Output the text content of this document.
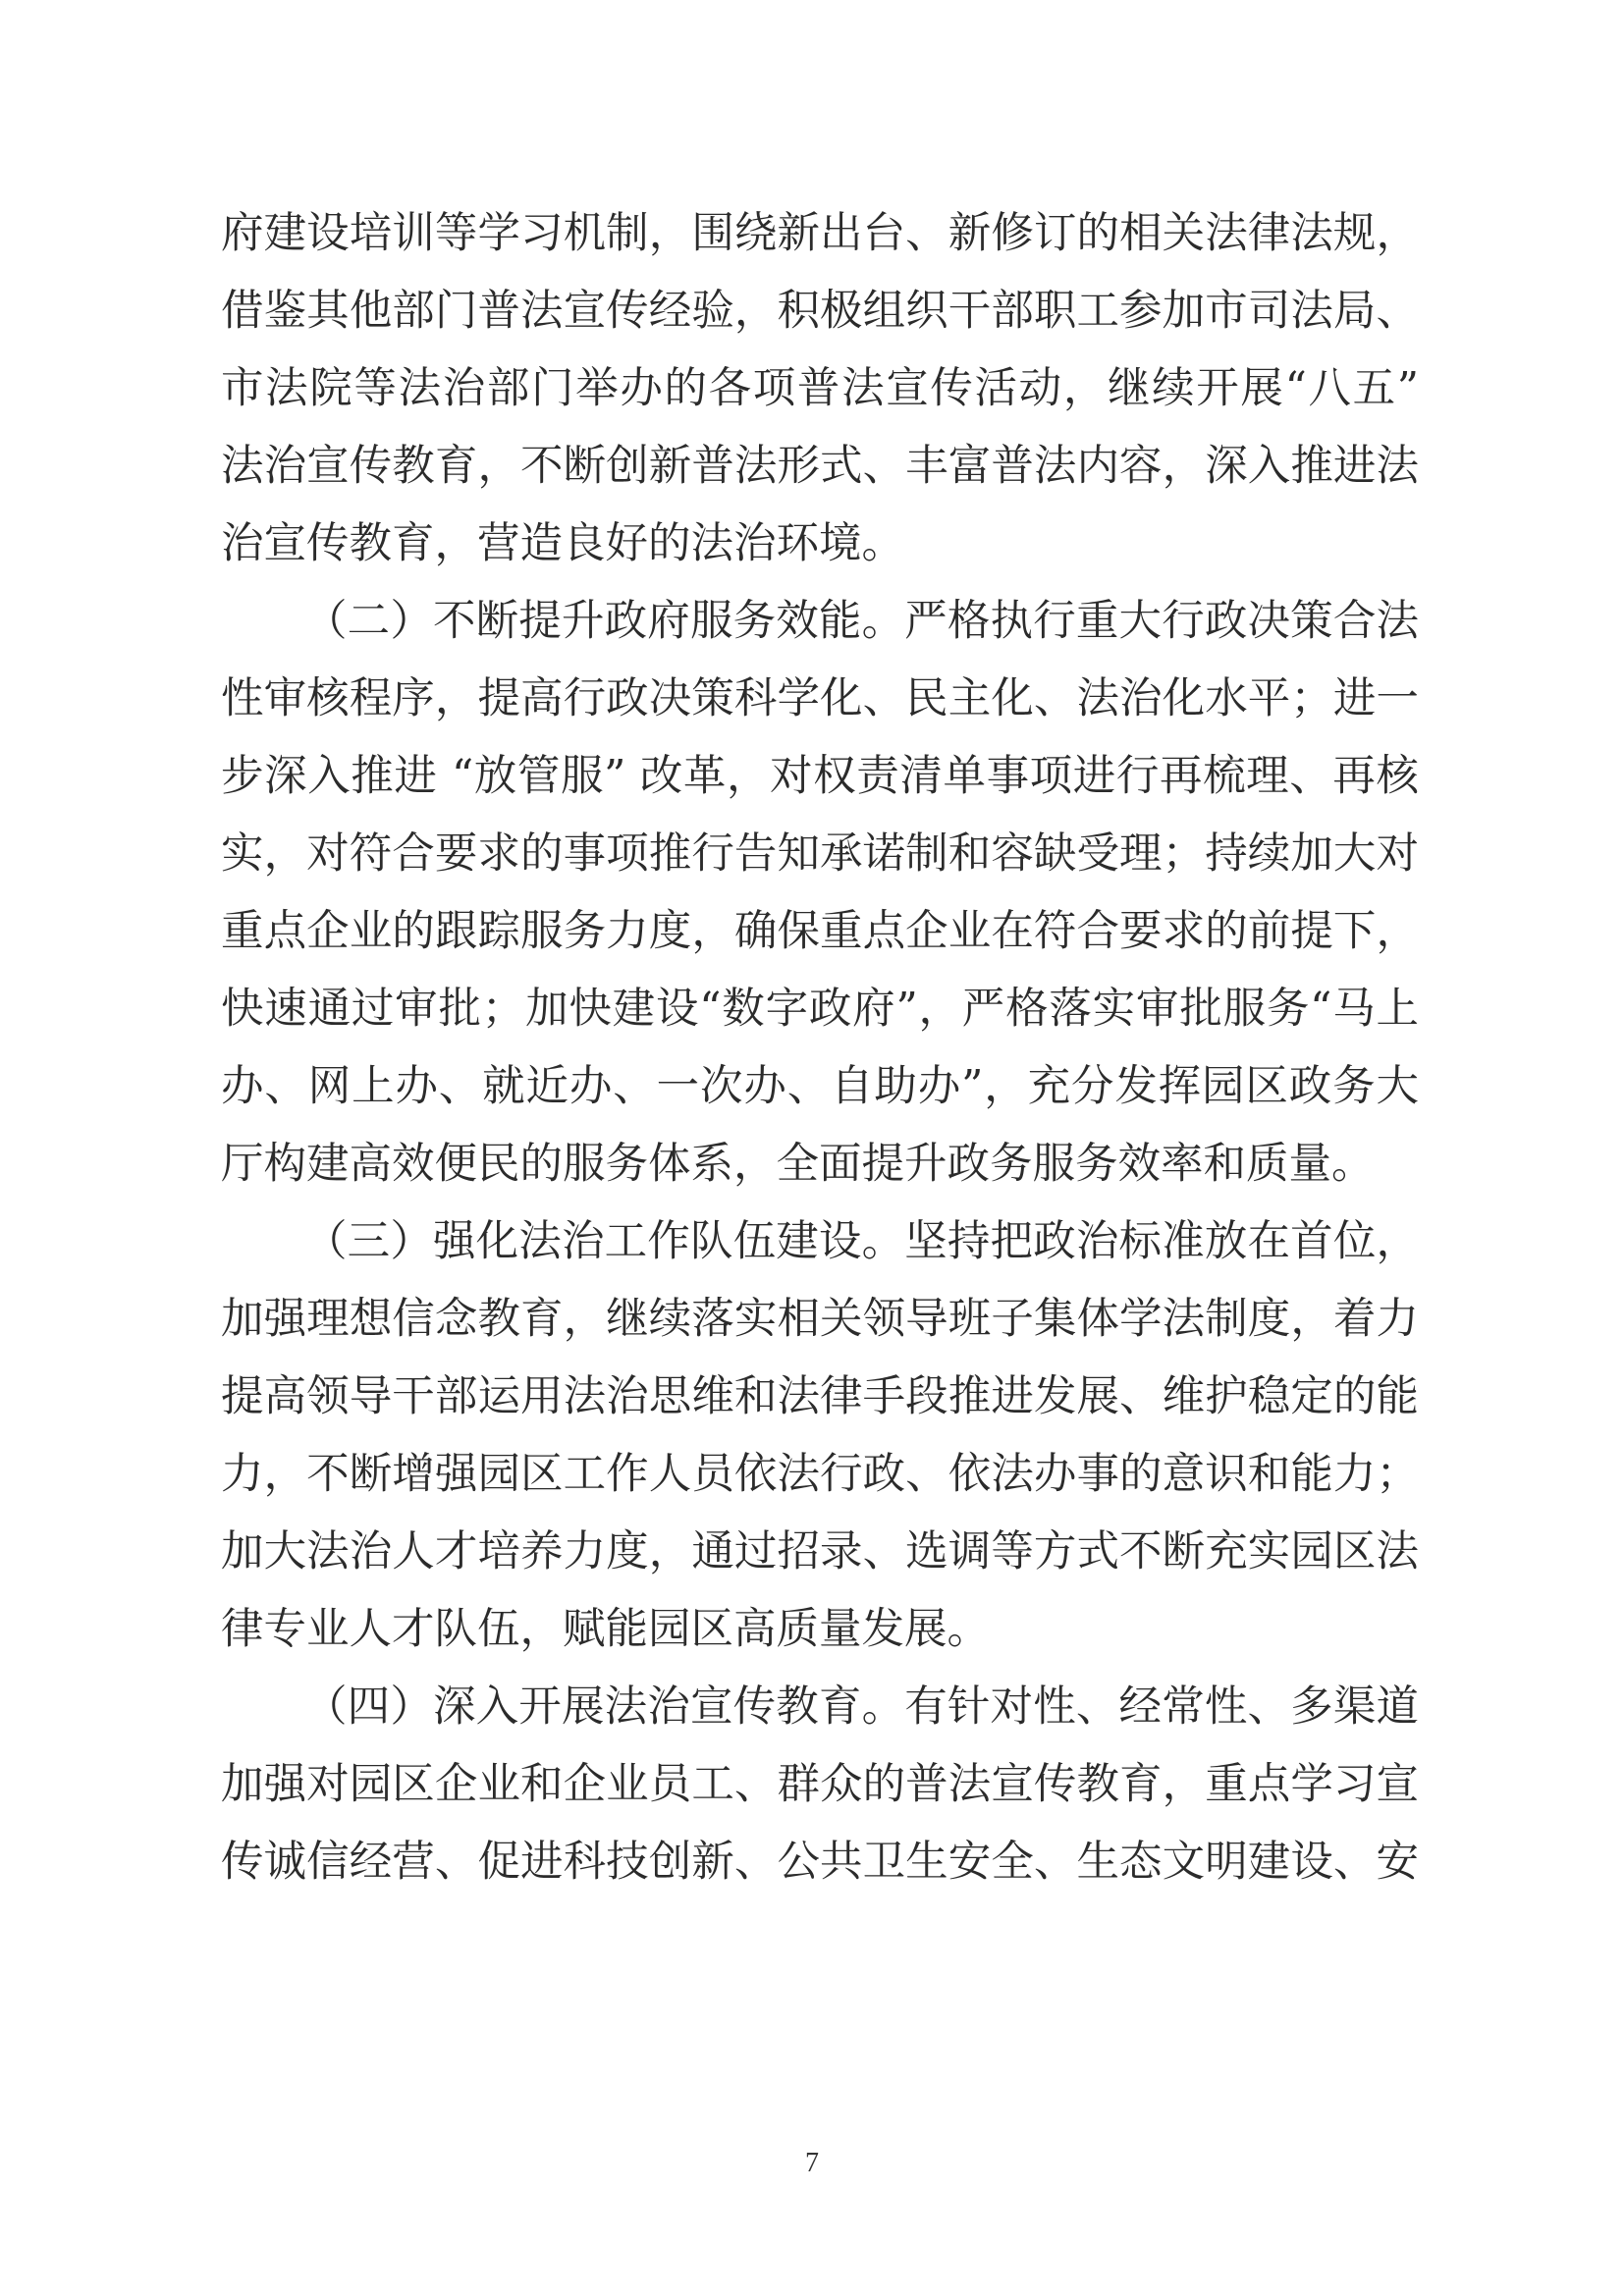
府建设培训等学习机制，围绕新出台、新修订的相关法律法规，
借鉴其他部门普法宣传经验，积极组织干部职工参加市司法局、
市法院等法治部门举办的各项普法宣传活动，继续开展“八五”
法治宣传教育，不断创新普法形式、丰富普法内容，深入推进法
治宣传教育，营造良好的法治环境。
（二）不断提升政府服务效能。严格执行重大行政决策合法
性审核程序，提高行政决策科学化、民主化、法治化水平；进一
步深入推进 “放管服” 改革，对权责清单事项进行再梳理、再核
实，对符合要求的事项推行告知承诺制和容缺受理；持续加大对
重点企业的跟踪服务力度，确保重点企业在符合要求的前提下，
快速通过审批；加快建设“数字政府”，严格落实审批服务“马上
办、网上办、就近办、一次办、自助办”，充分发挥园区政务大
厅构建高效便民的服务体系，全面提升政务服务效率和质量。
（三）强化法治工作队伍建设。坚持把政治标准放在首位，
加强理想信念教育，继续落实相关领导班子集体学法制度，着力
提高领导干部运用法治思维和法律手段推进发展、维护稳定的能
力，不断增强园区工作人员依法行政、依法办事的意识和能力；
加大法治人才培养力度，通过招录、选调等方式不断充实园区法
律专业人才队伍，赋能园区高质量发展。
（四）深入开展法治宣传教育。有针对性、经常性、多渠道
加强对园区企业和企业员工、群众的普法宣传教育，重点学习宣
传诚信经营、促进科技创新、公共卫生安全、生态文明建设、安
7
